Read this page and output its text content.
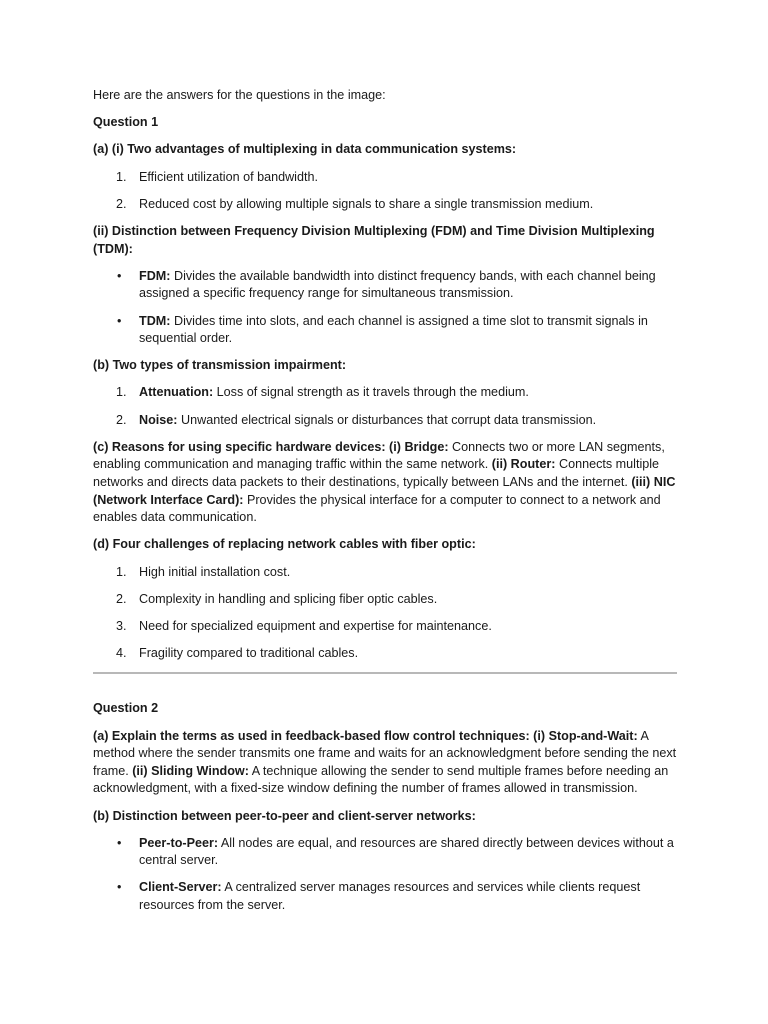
Here are the answers for the questions in the image:

Question 1

(a) (i) Two advantages of multiplexing in data communication systems:

1. Efficient utilization of bandwidth.
2. Reduced cost by allowing multiple signals to share a single transmission medium.

(ii) Distinction between Frequency Division Multiplexing (FDM) and Time Division Multiplexing (TDM):

• FDM: Divides the available bandwidth into distinct frequency bands, with each channel being assigned a specific frequency range for simultaneous transmission.
• TDM: Divides time into slots, and each channel is assigned a time slot to transmit signals in sequential order.

(b) Two types of transmission impairment:

1. Attenuation: Loss of signal strength as it travels through the medium.
2. Noise: Unwanted electrical signals or disturbances that corrupt data transmission.

(c) Reasons for using specific hardware devices: (i) Bridge: Connects two or more LAN segments, enabling communication and managing traffic within the same network. (ii) Router: Connects multiple networks and directs data packets to their destinations, typically between LANs and the internet. (iii) NIC (Network Interface Card): Provides the physical interface for a computer to connect to a network and enables data communication.

(d) Four challenges of replacing network cables with fiber optic:

1. High initial installation cost.
2. Complexity in handling and splicing fiber optic cables.
3. Need for specialized equipment and expertise for maintenance.
4. Fragility compared to traditional cables.

Question 2

(a) Explain the terms as used in feedback-based flow control techniques: (i) Stop-and-Wait: A method where the sender transmits one frame and waits for an acknowledgment before sending the next frame. (ii) Sliding Window: A technique allowing the sender to send multiple frames before needing an acknowledgment, with a fixed-size window defining the number of frames allowed in transmission.

(b) Distinction between peer-to-peer and client-server networks:

• Peer-to-Peer: All nodes are equal, and resources are shared directly between devices without a central server.
• Client-Server: A centralized server manages resources and services while clients request resources from the server.
